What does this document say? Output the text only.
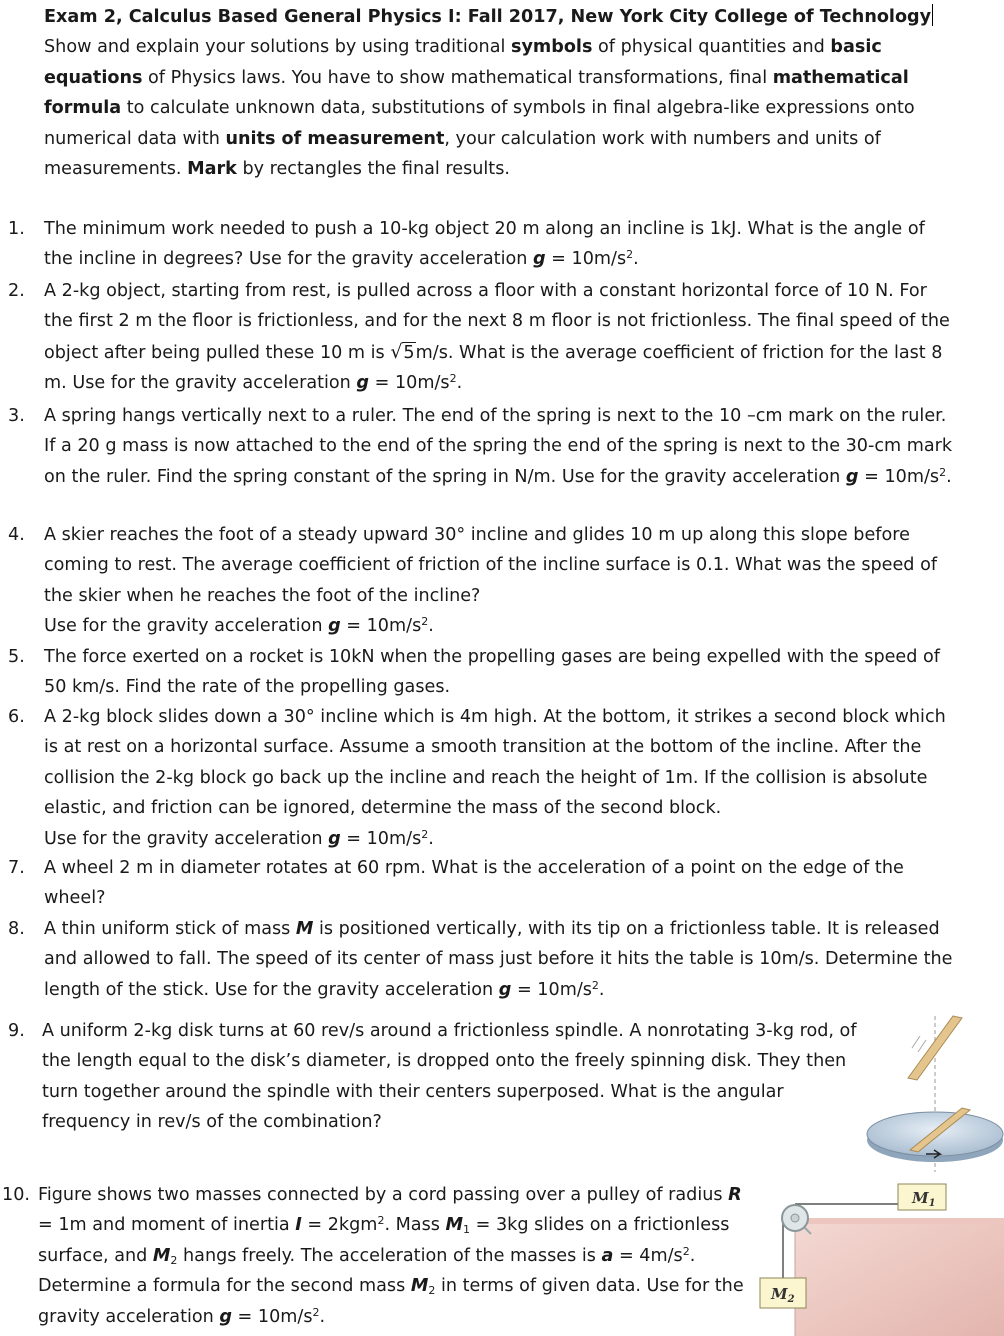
Exam 2, Calculus Based General Physics I: Fall 2017, New York City College of Technology
Show and explain your solutions by using traditional symbols of physical quantities and basic equations of Physics laws. You have to show mathematical transformations, final mathematical formula to calculate unknown data, substitutions of symbols in final algebra-like expressions onto numerical data with units of measurement, your calculation work with numbers and units of measurements. Mark by rectangles the final results.
1. The minimum work needed to push a 10-kg object 20 m along an incline is 1kJ. What is the angle of the incline in degrees? Use for the gravity acceleration $g = 10m/s^2$.
2. A 2-kg object, starting from rest, is pulled across a floor with a constant horizontal force of 10 N. For the first 2 m the floor is frictionless, and for the next 8 m floor is not frictionless. The final speed of the object after being pulled these 10 m is √5m/s. What is the average coefficient of friction for the last 8 m. Use for the gravity acceleration $g = 10m/s^2$.
3. A spring hangs vertically next to a ruler. The end of the spring is next to the 10 –cm mark on the ruler. If a 20 g mass is now attached to the end of the spring the end of the spring is next to the 30-cm mark on the ruler. Find the spring constant of the spring in N/m. Use for the gravity acceleration $g = 10m/s^2$.
4. A skier reaches the foot of a steady upward 30° incline and glides 10 m up along this slope before coming to rest. The average coefficient of friction of the incline surface is 0.1. What was the speed of the skier when he reaches the foot of the incline?
Use for the gravity acceleration $g = 10m/s^2$.
5. The force exerted on a rocket is 10kN when the propelling gases are being expelled with the speed of 50 km/s. Find the rate of the propelling gases.
6. A 2-kg block slides down a 30° incline which is 4m high. At the bottom, it strikes a second block which is at rest on a horizontal surface. Assume a smooth transition at the bottom of the incline. After the collision the 2-kg block go back up the incline and reach the height of 1m. If the collision is absolute elastic, and friction can be ignored, determine the mass of the second block.
Use for the gravity acceleration $g = 10m/s^2$.
7. A wheel 2 m in diameter rotates at 60 rpm. What is the acceleration of a point on the edge of the wheel?
8. A thin uniform stick of mass M is positioned vertically, with its tip on a frictionless table. It is released and allowed to fall. The speed of its center of mass just before it hits the table is 10m/s. Determine the length of the stick. Use for the gravity acceleration $g = 10m/s^2$.
9. A uniform 2-kg disk turns at 60 rev/s around a frictionless spindle. A nonrotating 3-kg rod, of the length equal to the disk’s diameter, is dropped onto the freely spinning disk. They then turn together around the spindle with their centers superposed. What is the angular frequency in rev/s of the combination?
10. Figure shows two masses connected by a cord passing over a pulley of radius R = 1m and moment of inertia I = 2kgm$^2$. Mass $M_1 = 3kg$ slides on a frictionless surface, and $M_2$ hangs freely. The acceleration of the masses is $a = 4m/s^2$. Determine a formula for the second mass $M_2$ in terms of given data. Use for the gravity acceleration $g = 10m/s^2$.
$M_1$
$M_2$
